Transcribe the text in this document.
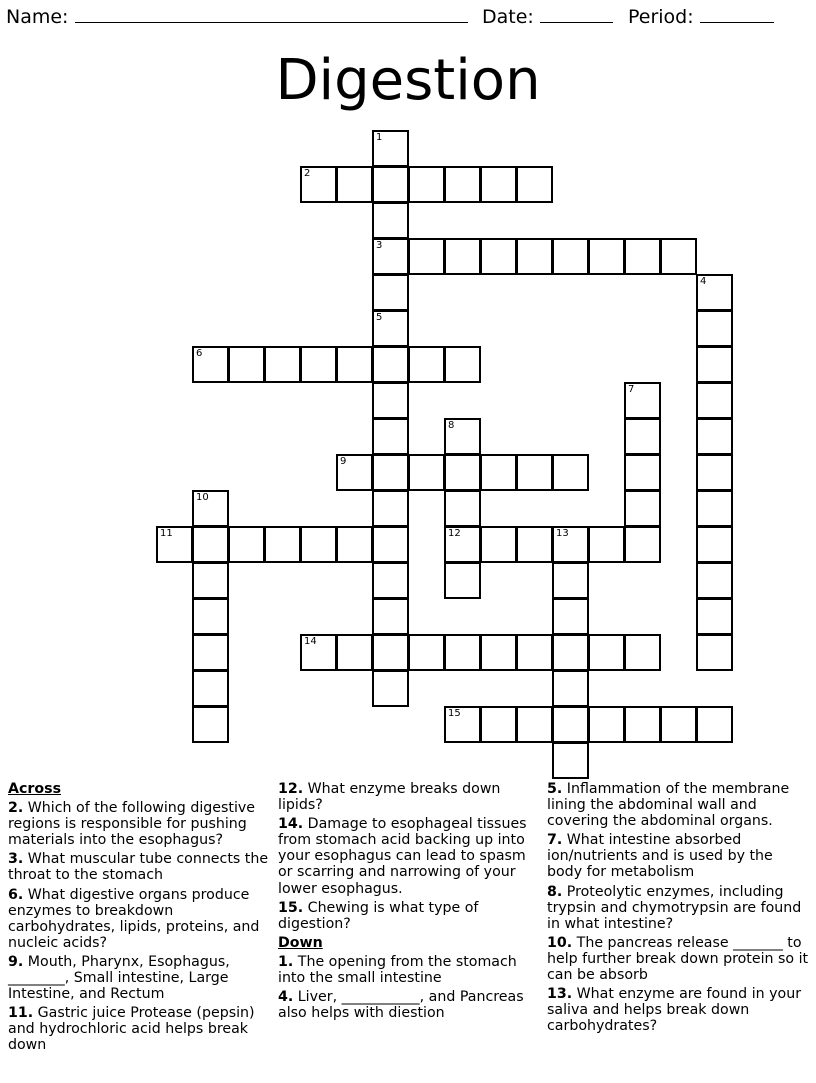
Name:	Date:	Period:
Digestion
1
3
5
2
4
6
7
8
12
9
10
11	13
14
15
Across
2. Which of the following digestive regions is responsible for pushing materials into the esophagus?
3. What muscular tube connects the throat to the stomach
6. What digestive organs produce enzymes to breakdown carbohydrates, lipids, proteins, and nucleic acids?
9. Mouth, Pharynx, Esophagus, ________, Small intestine, Large Intestine, and Rectum
11. Gastric juice Protease (pepsin) and hydrochloric acid helps break down
12. What enzyme breaks down lipids?
14. Damage to esophageal tissues from stomach acid backing up into your esophagus can lead to spasm or scarring and narrowing of your lower esophagus.
15. Chewing is what type of digestion?
Down
1. The opening from the stomach into the small intestine
4. Liver, ___________, and Pancreas also helps with diestion
5. Inflammation of the membrane lining the abdominal wall and covering the abdominal organs.
7. What intestine absorbed ion/nutrients and is used by the body for metabolism
8. Proteolytic enzymes, including trypsin and chymotrypsin are found in what intestine?
10. The pancreas release _______ to help further break down protein so it can be absorb
13. What enzyme are found in your saliva and helps break down carbohydrates?
